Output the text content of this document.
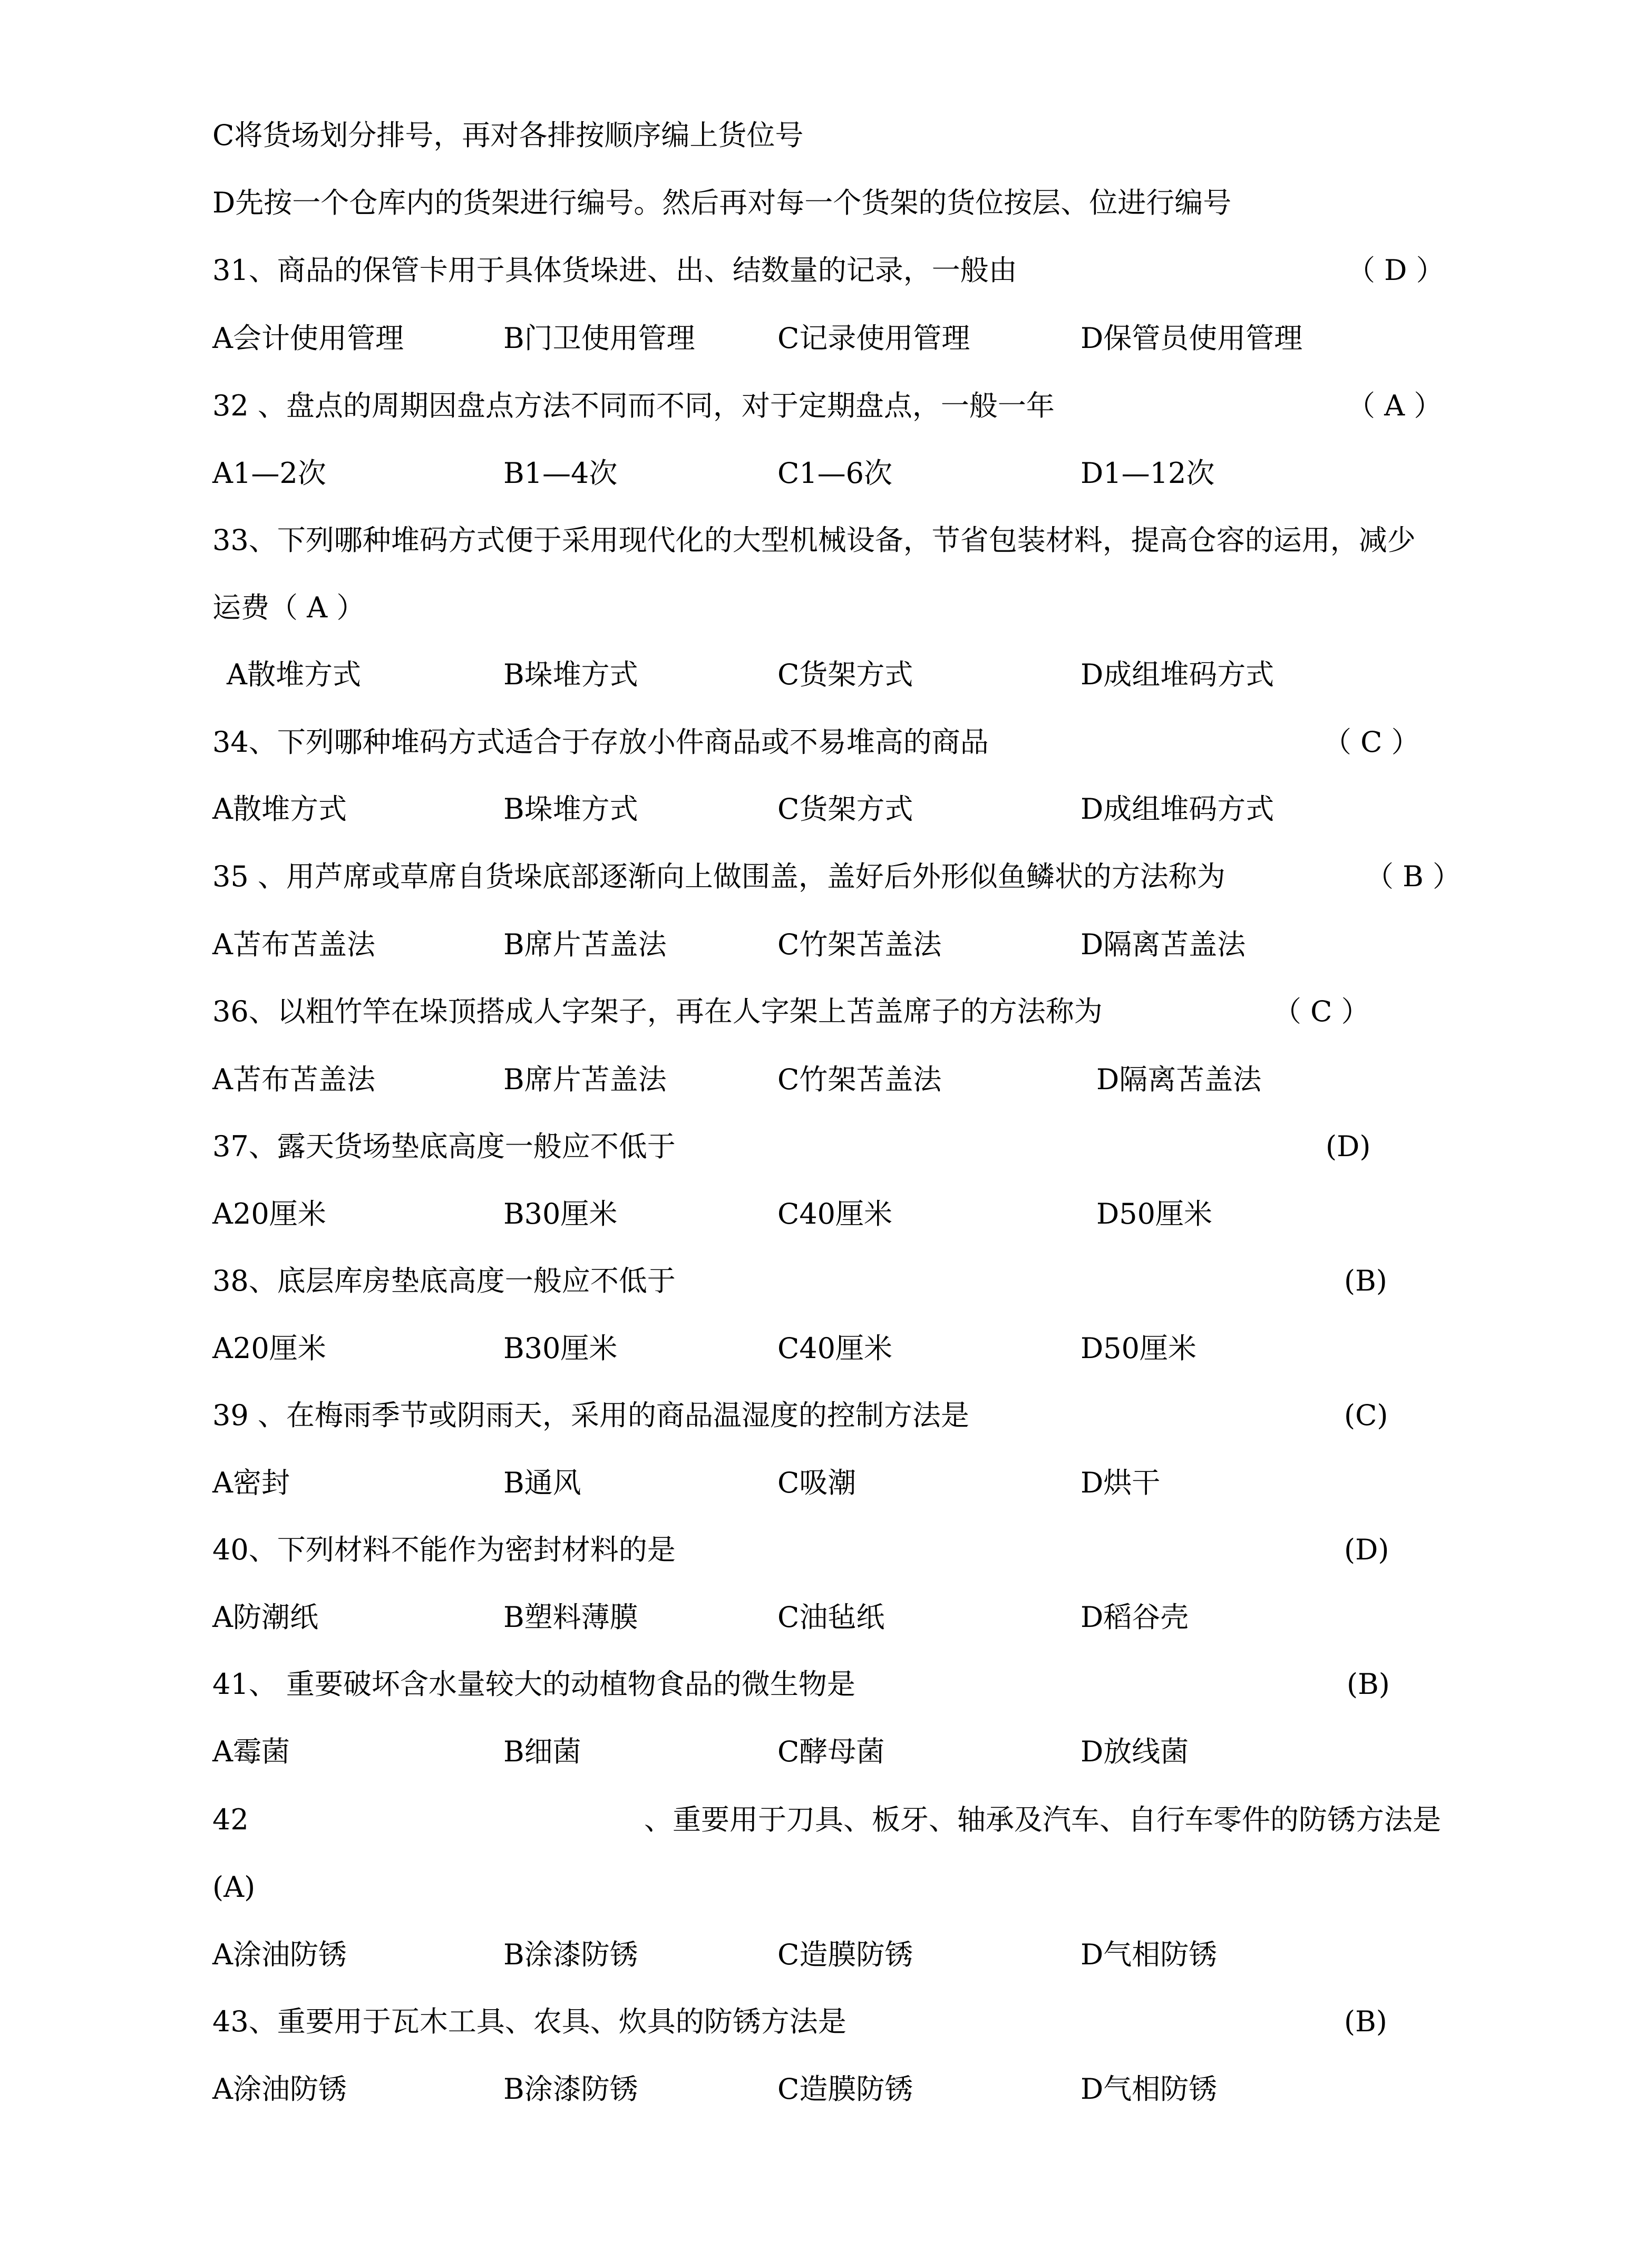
C将货场划分排号，再对各排按顺序编上货位号
D先按一个仓库内的货架进行编号。然后再对每一个货架的货位按层、位进行编号
31、商品的保管卡用于具体货垛进、出、结数量的记录，一般由	（ D ）
A会计使用管理	B门卫使用管理	C记录使用管理	D保管员使用管理
32 、盘点的周期因盘点方法不同而不同，对于定期盘点，一般一年	（ A ）
A1—2次	B1—4次	C1—6次	D1—12次
33、下列哪种堆码方式便于采用现代化的大型机械设备，节省包装材料，提高仓容的运用，减少
运费（ A ）
A散堆方式	B垛堆方式	C货架方式	D成组堆码方式
34、下列哪种堆码方式适合于存放小件商品或不易堆高的商品	（ C ）
A散堆方式	B垛堆方式	C货架方式	D成组堆码方式
35 、用芦席或草席自货垛底部逐渐向上做围盖，盖好后外形似鱼鳞状的方法称为	（ B ）
A苫布苫盖法	B席片苫盖法	C竹架苫盖法	D隔离苫盖法
36、以粗竹竿在垛顶搭成人字架子，再在人字架上苫盖席子的方法称为	（ C ）
A苫布苫盖法	B席片苫盖法	C竹架苫盖法	D隔离苫盖法
37、露天货场垫底高度一般应不低于	(D)
A20厘米	B30厘米	C40厘米	D50厘米
38、底层库房垫底高度一般应不低于	(B)
A20厘米	B30厘米	C40厘米	D50厘米
39 、在梅雨季节或阴雨天，采用的商品温湿度的控制方法是	(C)
A密封	B通风	C吸潮	D烘干
40、下列材料不能作为密封材料的是	(D)
A防潮纸	B塑料薄膜	C油毡纸	D稻谷壳
41、 重要破坏含水量较大的动植物食品的微生物是	(B)
A霉菌	B细菌	C酵母菌	D放线菌
42	、重要用于刀具、板牙、轴承及汽车、自行车零件的防锈方法是
(A)
A涂油防锈	B涂漆防锈	C造膜防锈	D气相防锈
43、重要用于瓦木工具、农具、炊具的防锈方法是	(B)
A涂油防锈	B涂漆防锈	C造膜防锈	D气相防锈
